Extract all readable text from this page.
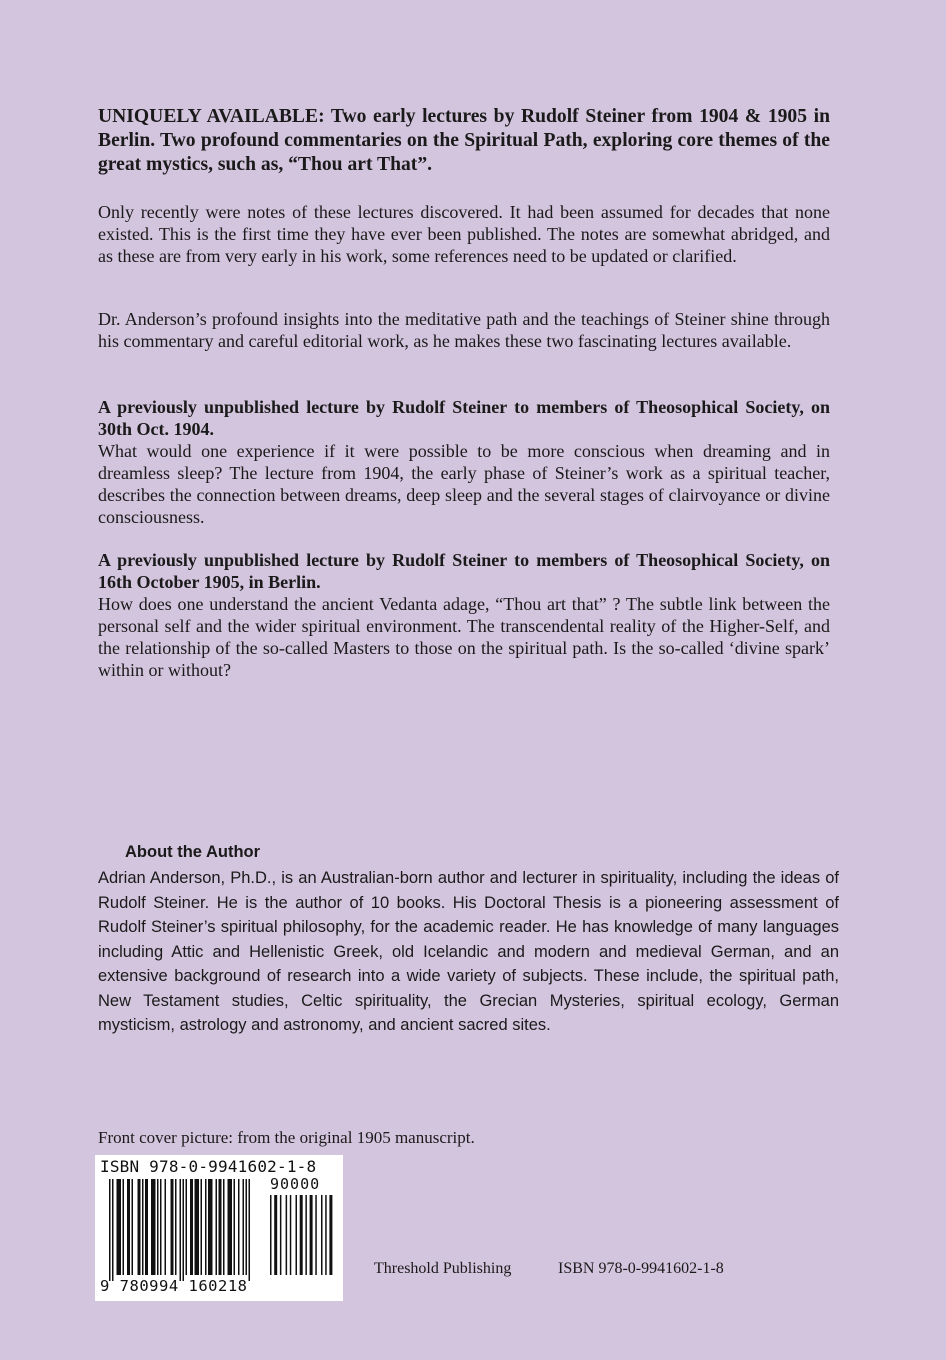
UNIQUELY AVAILABLE: Two early lectures by Rudolf Steiner from 1904 & 1905 in Berlin. Two profound commentaries on the Spiritual Path, exploring core themes of the great mystics, such as, “Thou art That”.

Only recently were notes of these lectures discovered. It had been assumed for decades that none existed. This is the first time they have ever been published. The notes are somewhat abridged, and as these are from very early in his work, some references need to be updated or clarified.

Dr. Anderson’s profound insights into the meditative path and the teachings of Steiner shine through his commentary and careful editorial work, as he makes these two fascinating lectures available.

A previously unpublished lecture by Rudolf Steiner to members of Theosophical Society, on 30th Oct. 1904.
What would one experience if it were possible to be more conscious when dreaming and in dreamless sleep? The lecture from 1904, the early phase of Steiner’s work as a spiritual teacher, describes the connection between dreams, deep sleep and the several stages of clairvoyance or divine consciousness.
A previously unpublished lecture by Rudolf Steiner to members of Theosophical Society, on 16th October 1905, in Berlin.
How does one understand the ancient Vedanta adage, “Thou art that” ? The subtle link between the personal self and the wider spiritual environment. The transcendental reality of the Higher-Self, and the relationship of the so-called Masters to those on the spiritual path. Is the so-called ‘divine spark’ within or without?
About the Author

Adrian Anderson, Ph.D., is an Australian-born author and lecturer in spirituality, including the ideas of Rudolf Steiner. He is the author of 10 books. His Doctoral Thesis is a pioneering assessment of Rudolf Steiner’s spiritual philosophy, for the academic reader. He has knowledge of many languages including Attic and Hellenistic Greek, old Icelandic and modern and medieval German, and an extensive background of research into a wide variety of subjects. These include, the spiritual path, New Testament studies, Celtic spirituality, the Grecian Mysteries, spiritual ecology, German mysticism, astrology and astronomy, and ancient sacred sites.

Front cover picture: from the original 1905 manuscript.
ISBN 978-0-9941602-1-8
90000
9 780994 160218
Threshold Publishing	ISBN 978-0-9941602-1-8
